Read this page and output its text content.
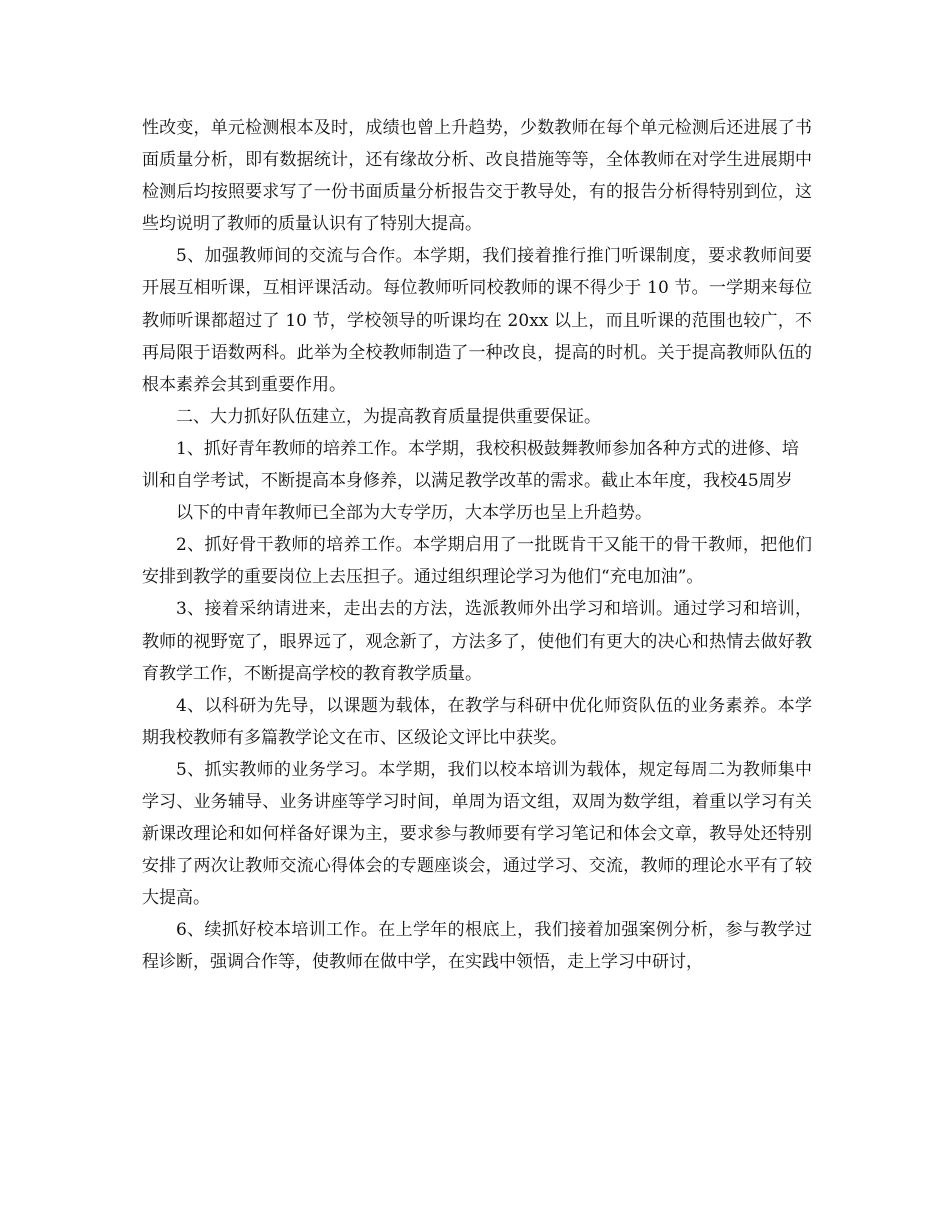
性改变，单元检测根本及时，成绩也曾上升趋势，少数教师在每个单元检测后还进展了书面质量分析，即有数据统计，还有缘故分析、改良措施等等，全体教师在对学生进展期中检测后均按照要求写了一份书面质量分析报告交于教导处，有的报告分析得特别到位，这些均说明了教师的质量认识有了特别大提高。

5、加强教师间的交流与合作。本学期，我们接着推行推门听课制度，要求教师间要开展互相听课，互相评课活动。每位教师听同校教师的课不得少于 10 节。一学期来每位教师听课都超过了 10 节，学校领导的听课均在 20xx 以上，而且听课的范围也较广，不再局限于语数两科。此举为全校教师制造了一种改良，提高的时机。关于提高教师队伍的根本素养会其到重要作用。

二、大力抓好队伍建立，为提高教育质量提供重要保证。

1、抓好青年教师的培养工作。本学期，我校积极鼓舞教师参加各种方式的进修、培训和自学考试，不断提高本身修养，以满足教学改革的需求。截止本年度，我校45周岁

以下的中青年教师已全部为大专学历，大本学历也呈上升趋势。

2、抓好骨干教师的培养工作。本学期启用了一批既肯干又能干的骨干教师，把他们安排到教学的重要岗位上去压担子。通过组织理论学习为他们“充电加油”。

3、接着采纳请进来，走出去的方法，选派教师外出学习和培训。通过学习和培训，教师的视野宽了，眼界远了，观念新了，方法多了，使他们有更大的决心和热情去做好教育教学工作，不断提高学校的教育教学质量。

4、以科研为先导，以课题为载体，在教学与科研中优化师资队伍的业务素养。本学期我校教师有多篇教学论文在市、区级论文评比中获奖。

5、抓实教师的业务学习。本学期，我们以校本培训为载体，规定每周二为教师集中学习、业务辅导、业务讲座等学习时间，单周为语文组，双周为数学组，着重以学习有关新课改理论和如何样备好课为主，要求参与教师要有学习笔记和体会文章，教导处还特别安排了两次让教师交流心得体会的专题座谈会，通过学习、交流，教师的理论水平有了较大提高。

6、续抓好校本培训工作。在上学年的根底上，我们接着加强案例分析，参与教学过程诊断，强调合作等，使教师在做中学，在实践中领悟，走上学习中研讨，
